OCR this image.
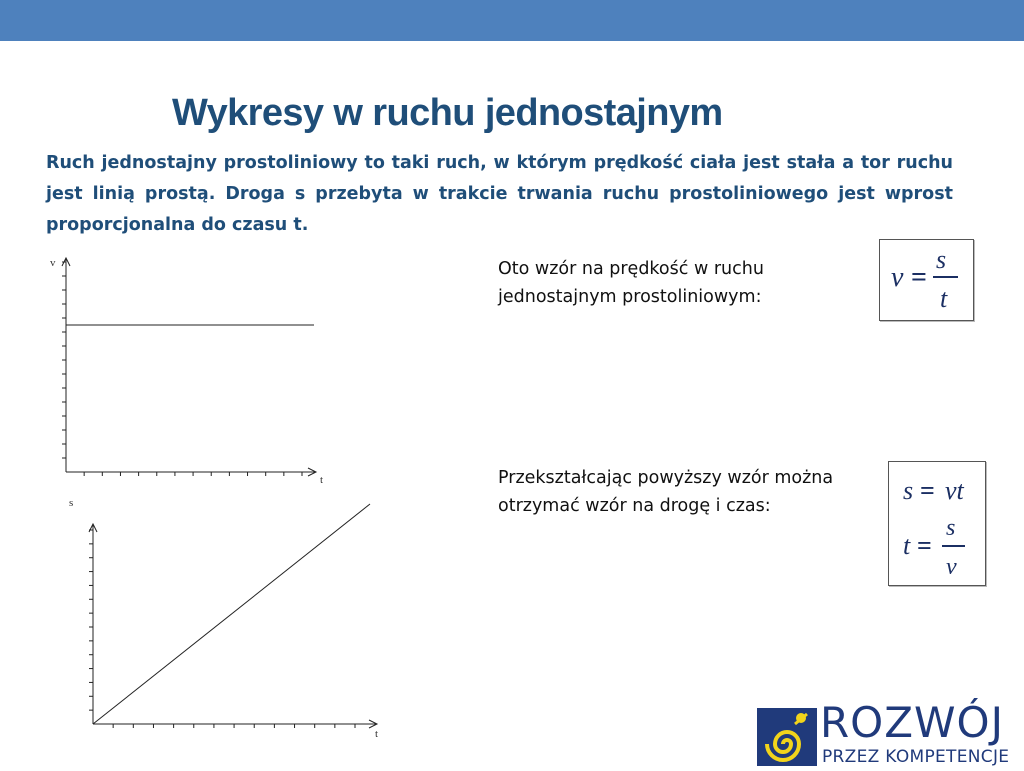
Wykresy w ruchu jednostajnym

Ruch jednostajny prostoliniowy to taki ruch, w którym prędkość ciała jest stała a tor ruchu jest linią prostą. Droga s przebyta w trakcie trwania ruchu prostoliniowego jest wprost proporcjonalna do czasu t.

v
t
s
t

Oto wzór na prędkość w ruchu
jednostajnym prostoliniowym:

v =
s
t

Przekształcając powyższy wzór można
otrzymać wzór na drogę i czas:

s = vt
t =
s
v

ROZWÓJ

PRZEZ KOMPETENCJE
